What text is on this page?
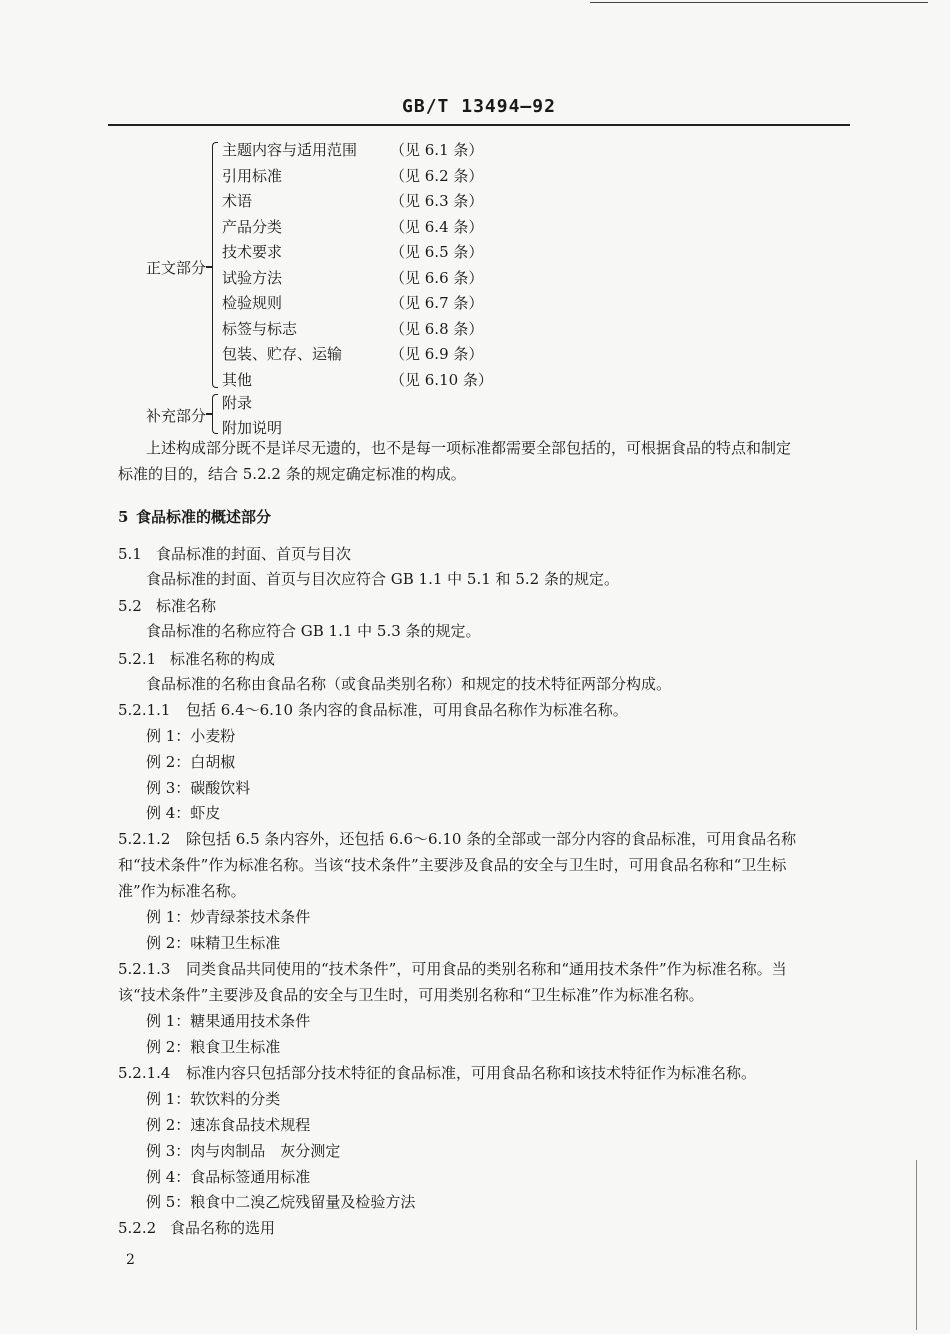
GB/T 13494—92
正文部分
主题内容与适用范围 （见 6.1 条）
引用标准	（见 6.2 条）
术语	（见 6.3 条）
产品分类	（见 6.4 条）
技术要求	（见 6.5 条）
试验方法	（见 6.6 条）
检验规则	（见 6.7 条）
标签与标志	（见 6.8 条）
包装、贮存、运输	（见 6.9 条）
其他	（见 6.10 条）
补充部分
附录
附加说明
上述构成部分既不是详尽无遗的，也不是每一项标准都需要全部包括的，可根据食品的特点和制定
标准的目的，结合 5.2.2 条的规定确定标准的构成。
5 食品标准的概述部分
5.1 食品标准的封面、首页与目次
食品标准的封面、首页与目次应符合 GB 1.1 中 5.1 和 5.2 条的规定。
5.2 标准名称
食品标准的名称应符合 GB 1.1 中 5.3 条的规定。
5.2.1 标准名称的构成
食品标准的名称由食品名称（或食品类别名称）和规定的技术特征两部分构成。
5.2.1.1 包括 6.4～6.10 条内容的食品标准，可用食品名称作为标准名称。
例 1：小麦粉
例 2：白胡椒
例 3：碳酸饮料
例 4：虾皮
5.2.1.2 除包括 6.5 条内容外，还包括 6.6～6.10 条的全部或一部分内容的食品标准，可用食品名称
和“技术条件”作为标准名称。当该“技术条件”主要涉及食品的安全与卫生时，可用食品名称和“卫生标
准”作为标准名称。
例 1：炒青绿茶技术条件
例 2：味精卫生标准
5.2.1.3 同类食品共同使用的“技术条件”，可用食品的类别名称和“通用技术条件”作为标准名称。当
该“技术条件”主要涉及食品的安全与卫生时，可用类别名称和“卫生标准”作为标准名称。
例 1：糖果通用技术条件
例 2：粮食卫生标准
5.2.1.4 标准内容只包括部分技术特征的食品标准，可用食品名称和该技术特征作为标准名称。
例 1：软饮料的分类
例 2：速冻食品技术规程
例 3：肉与肉制品　灰分测定
例 4：食品标签通用标准
例 5：粮食中二溴乙烷残留量及检验方法
5.2.2 食品名称的选用
2
